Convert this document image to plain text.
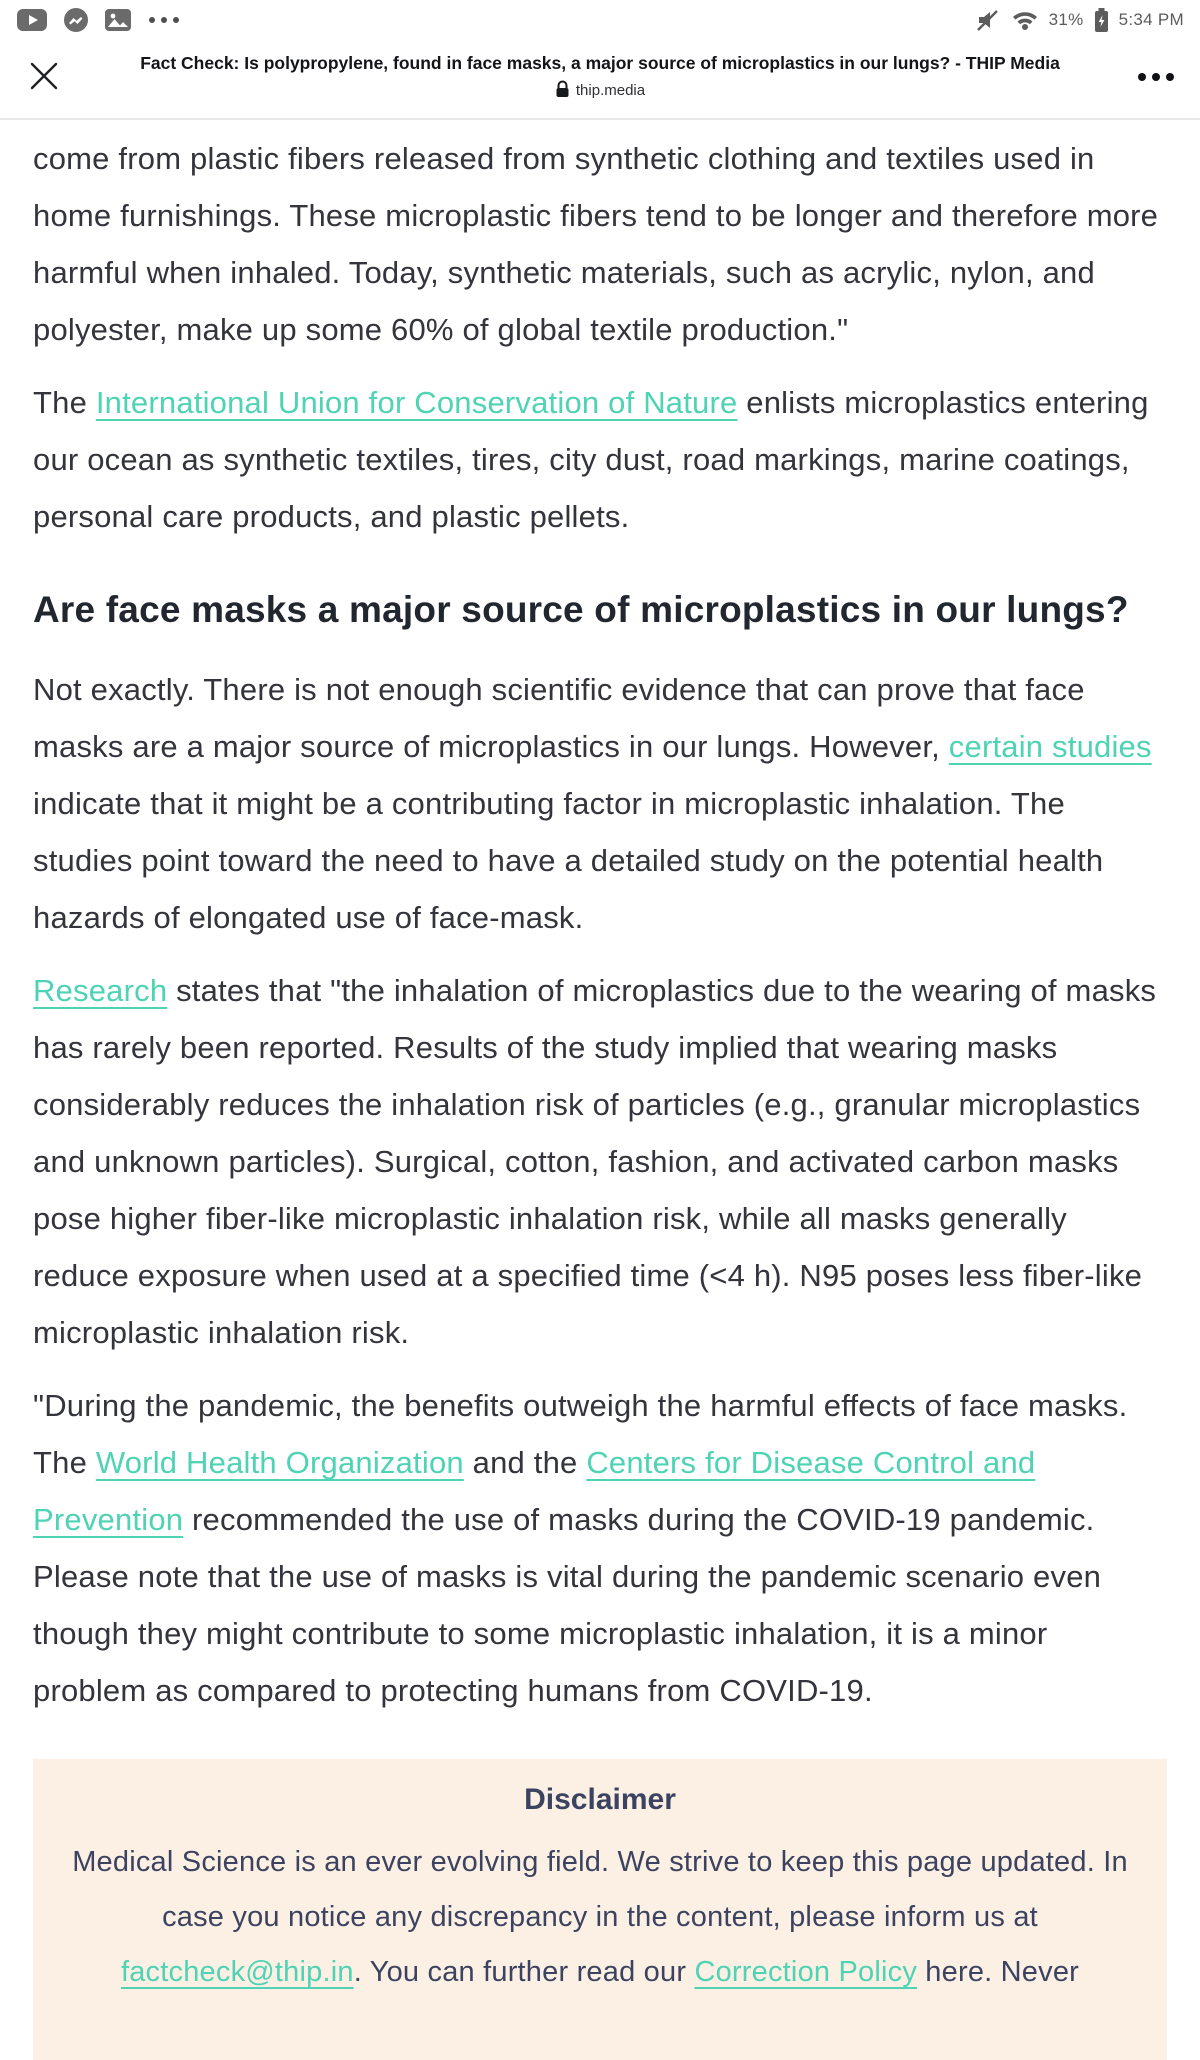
31% 5:34 PM
Fact Check: Is polypropylene, found in face masks, a major source of microplastics in our lungs? - THIP Media
thip.media

come from plastic fibers released from synthetic clothing and textiles used in home furnishings. These microplastic fibers tend to be longer and therefore more harmful when inhaled. Today, synthetic materials, such as acrylic, nylon, and polyester, make up some 60% of global textile production."

The International Union for Conservation of Nature enlists microplastics entering our ocean as synthetic textiles, tires, city dust, road markings, marine coatings, personal care products, and plastic pellets.

Are face masks a major source of microplastics in our lungs?

Not exactly. There is not enough scientific evidence that can prove that face masks are a major source of microplastics in our lungs. However, certain studies indicate that it might be a contributing factor in microplastic inhalation. The studies point toward the need to have a detailed study on the potential health hazards of elongated use of face-mask.

Research states that "the inhalation of microplastics due to the wearing of masks has rarely been reported. Results of the study implied that wearing masks considerably reduces the inhalation risk of particles (e.g., granular microplastics and unknown particles). Surgical, cotton, fashion, and activated carbon masks pose higher fiber-like microplastic inhalation risk, while all masks generally reduce exposure when used at a specified time (<4 h). N95 poses less fiber-like microplastic inhalation risk.

"During the pandemic, the benefits outweigh the harmful effects of face masks. The World Health Organization and the Centers for Disease Control and Prevention recommended the use of masks during the COVID-19 pandemic. Please note that the use of masks is vital during the pandemic scenario even though they might contribute to some microplastic inhalation, it is a minor problem as compared to protecting humans from COVID-19.

Disclaimer

Medical Science is an ever evolving field. We strive to keep this page updated. In case you notice any discrepancy in the content, please inform us at factcheck@thip.in. You can further read our Correction Policy here. Never
